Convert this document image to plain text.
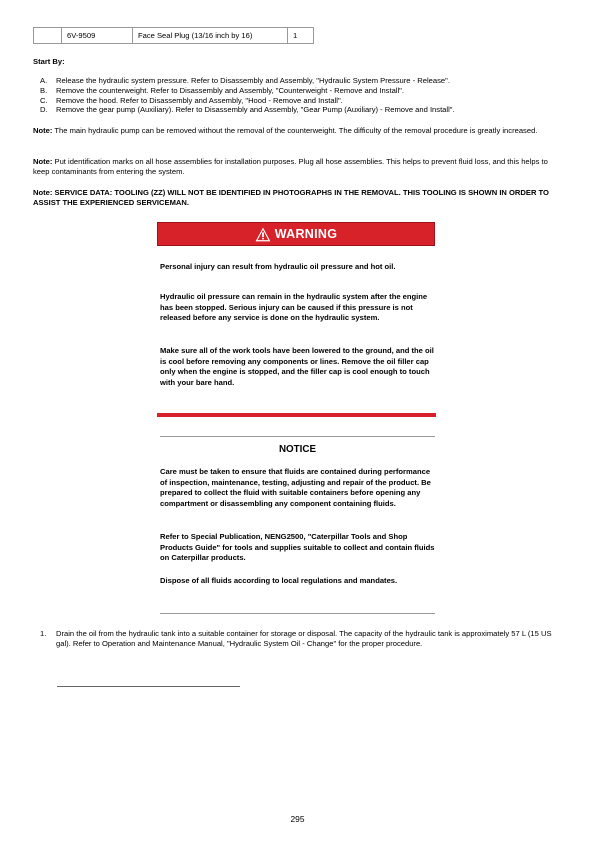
	6V-9509	Face Seal Plug (13/16 inch by 16)	1
Start By:
A. Release the hydraulic system pressure. Refer to Disassembly and Assembly, "Hydraulic System Pressure - Release".
B. Remove the counterweight. Refer to Disassembly and Assembly, "Counterweight - Remove and Install".
C. Remove the hood. Refer to Disassembly and Assembly, "Hood - Remove and Install".
D. Remove the gear pump (Auxiliary). Refer to Disassembly and Assembly, "Gear Pump (Auxiliary) - Remove and Install".
Note: The main hydraulic pump can be removed without the removal of the counterweight. The difficulty of the removal procedure is greatly increased.
Note: Put identification marks on all hose assemblies for installation purposes. Plug all hose assemblies. This helps to prevent fluid loss, and this helps to keep contaminants from entering the system.
Note: SERVICE DATA: TOOLING (ZZ) WILL NOT BE IDENTIFIED IN PHOTOGRAPHS IN THE REMOVAL. THIS TOOLING IS SHOWN IN ORDER TO ASSIST THE EXPERIENCED SERVICEMAN.
WARNING
Personal injury can result from hydraulic oil pressure and hot oil.
Hydraulic oil pressure can remain in the hydraulic system after the engine has been stopped. Serious injury can be caused if this pressure is not released before any service is done on the hydraulic system.
Make sure all of the work tools have been lowered to the ground, and the oil is cool before removing any components or lines. Remove the oil filler cap only when the engine is stopped, and the filler cap is cool enough to touch with your bare hand.
NOTICE
Care must be taken to ensure that fluids are contained during performance of inspection, maintenance, testing, adjusting and repair of the product. Be prepared to collect the fluid with suitable containers before opening any compartment or disassembling any component containing fluids.
Refer to Special Publication, NENG2500, "Caterpillar Tools and Shop Products Guide" for tools and supplies suitable to collect and contain fluids on Caterpillar products.
Dispose of all fluids according to local regulations and mandates.
1. Drain the oil from the hydraulic tank into a suitable container for storage or disposal. The capacity of the hydraulic tank is approximately 57 L (15 US gal). Refer to Operation and Maintenance Manual, "Hydraulic System Oil - Change" for the proper procedure.
295
